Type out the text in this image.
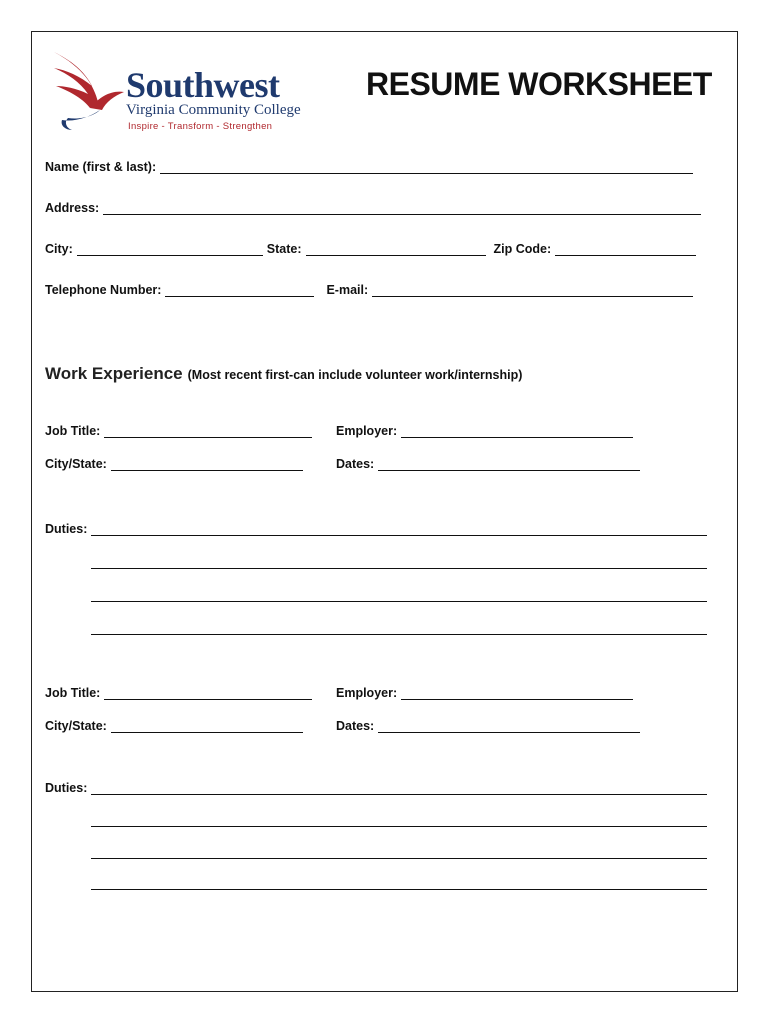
Southwest
Virginia Community College
Inspire - Transform - Strengthen
RESUME WORKSHEET
Name (first & last):
Address:
City:	State:	Zip Code:
Telephone Number:	E-mail:
Work Experience (Most recent first-can include volunteer work/internship)
Job Title:	Employer:
City/State:	Dates:
Duties:
Job Title:	Employer:
City/State:	Dates:
Duties:
